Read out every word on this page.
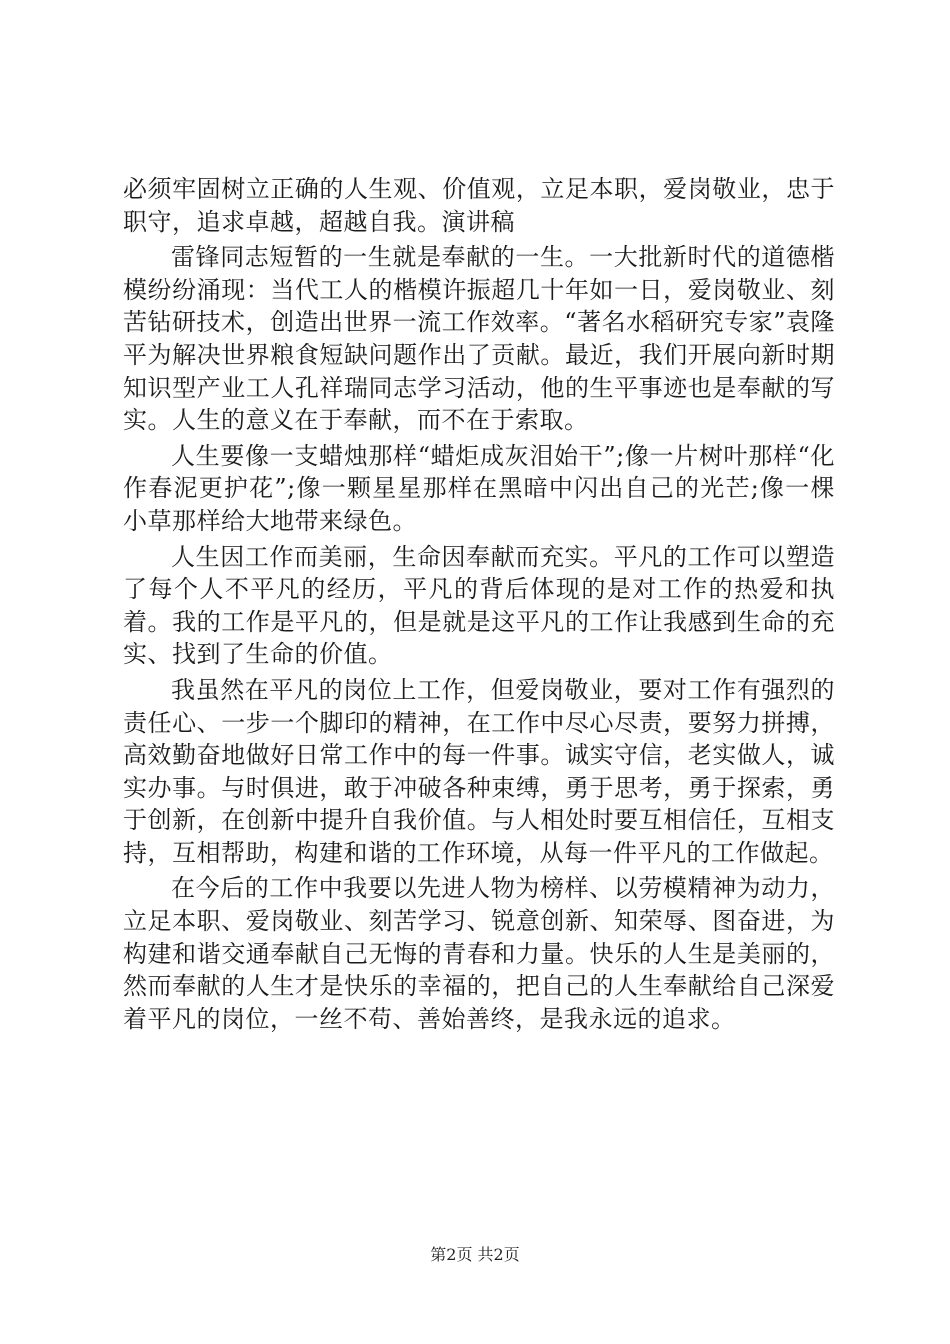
必须牢固树立正确的人生观、价值观，立足本职，爱岗敬业，忠于职守，追求卓越，超越自我。演讲稿

雷锋同志短暂的一生就是奉献的一生。一大批新时代的道德楷模纷纷涌现：当代工人的楷模许振超几十年如一日，爱岗敬业、刻苦钻研技术，创造出世界一流工作效率。“著名水稻研究专家”袁隆平为解决世界粮食短缺问题作出了贡献。最近，我们开展向新时期知识型产业工人孔祥瑞同志学习活动，他的生平事迹也是奉献的写实。人生的意义在于奉献，而不在于索取。

人生要像一支蜡烛那样“蜡炬成灰泪始干”;像一片树叶那样“化作春泥更护花”;像一颗星星那样在黑暗中闪出自己的光芒;像一棵小草那样给大地带来绿色。

人生因工作而美丽，生命因奉献而充实。平凡的工作可以塑造了每个人不平凡的经历，平凡的背后体现的是对工作的热爱和执着。我的工作是平凡的，但是就是这平凡的工作让我感到生命的充实、找到了生命的价值。

我虽然在平凡的岗位上工作，但爱岗敬业，要对工作有强烈的责任心、一步一个脚印的精神，在工作中尽心尽责，要努力拼搏，高效勤奋地做好日常工作中的每一件事。诚实守信，老实做人，诚实办事。与时俱进，敢于冲破各种束缚，勇于思考，勇于探索，勇于创新，在创新中提升自我价值。与人相处时要互相信任，互相支持，互相帮助，构建和谐的工作环境，从每一件平凡的工作做起。

在今后的工作中我要以先进人物为榜样、以劳模精神为动力，立足本职、爱岗敬业、刻苦学习、锐意创新、知荣辱、图奋进，为构建和谐交通奉献自己无悔的青春和力量。快乐的人生是美丽的，然而奉献的人生才是快乐的幸福的，把自己的人生奉献给自己深爱着平凡的岗位，一丝不苟、善始善终，是我永远的追求。

第2页 共2页
